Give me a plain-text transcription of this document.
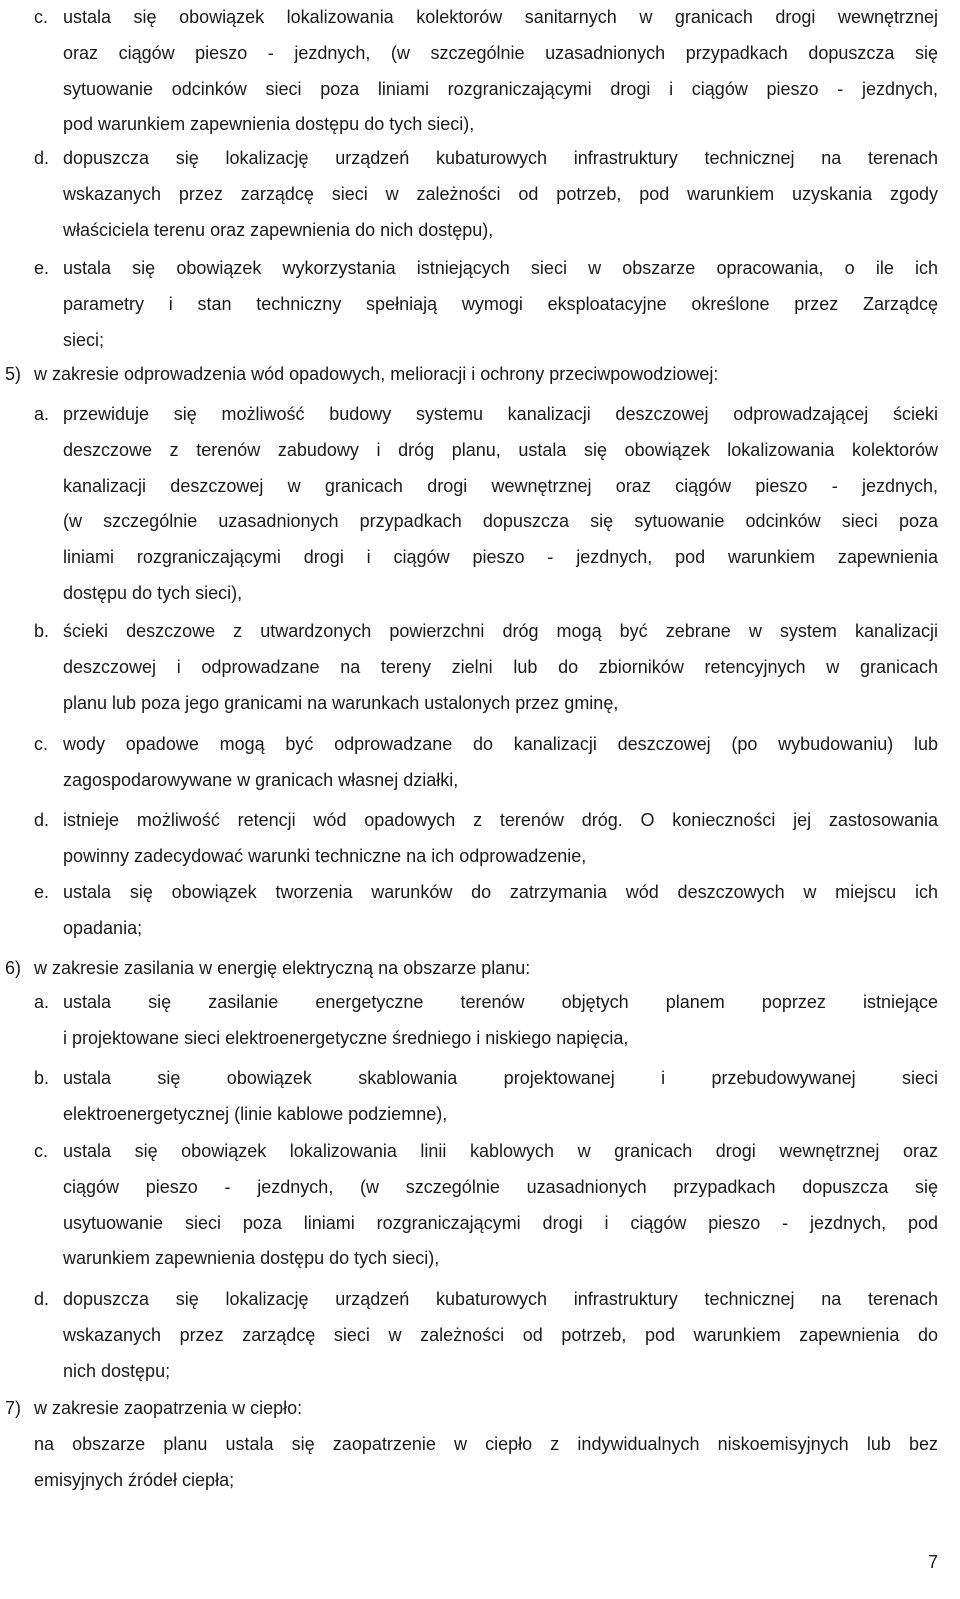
c. ustala się obowiązek lokalizowania kolektorów sanitarnych w granicach drogi wewnętrznej
oraz ciągów pieszo - jezdnych, (w szczególnie uzasadnionych przypadkach dopuszcza się
sytuowanie odcinków sieci poza liniami rozgraniczającymi drogi i ciągów pieszo - jezdnych,
pod warunkiem zapewnienia dostępu do tych sieci),
d. dopuszcza się lokalizację urządzeń kubaturowych infrastruktury technicznej na terenach
wskazanych przez zarządcę sieci w zależności od potrzeb, pod warunkiem uzyskania zgody
właściciela terenu oraz zapewnienia do nich dostępu),
e. ustala się obowiązek wykorzystania istniejących sieci w obszarze opracowania, o ile ich
parametry i stan techniczny spełniają wymogi eksploatacyjne określone przez Zarządcę
sieci;
5) w zakresie odprowadzenia wód opadowych, melioracji i ochrony przeciwpowodziowej:
a. przewiduje się możliwość budowy systemu kanalizacji deszczowej odprowadzającej ścieki
deszczowe z terenów zabudowy i dróg planu, ustala się obowiązek lokalizowania kolektorów
kanalizacji deszczowej w granicach drogi wewnętrznej oraz ciągów pieszo - jezdnych,
(w szczególnie uzasadnionych przypadkach dopuszcza się sytuowanie odcinków sieci poza
liniami rozgraniczającymi drogi i ciągów pieszo - jezdnych, pod warunkiem zapewnienia
dostępu do tych sieci),
b. ścieki deszczowe z utwardzonych powierzchni dróg mogą być zebrane w system kanalizacji
deszczowej i odprowadzane na tereny zielni lub do zbiorników retencyjnych w granicach
planu lub poza jego granicami na warunkach ustalonych przez gminę,
c. wody opadowe mogą być odprowadzane do kanalizacji deszczowej (po wybudowaniu) lub
zagospodarowywane w granicach własnej działki,
d. istnieje możliwość retencji wód opadowych z terenów dróg. O konieczności jej zastosowania
powinny zadecydować warunki techniczne na ich odprowadzenie,
e. ustala się obowiązek tworzenia warunków do zatrzymania wód deszczowych w miejscu ich
opadania;
6) w zakresie zasilania w energię elektryczną na obszarze planu:
a. ustala się zasilanie energetyczne terenów objętych planem poprzez istniejące
i projektowane sieci elektroenergetyczne średniego i niskiego napięcia,
b. ustala się obowiązek skablowania projektowanej i przebudowywanej sieci
elektroenergetycznej (linie kablowe podziemne),
c. ustala się obowiązek lokalizowania linii kablowych w granicach drogi wewnętrznej oraz
ciągów pieszo - jezdnych, (w szczególnie uzasadnionych przypadkach dopuszcza się
usytuowanie sieci poza liniami rozgraniczającymi drogi i ciągów pieszo - jezdnych, pod
warunkiem zapewnienia dostępu do tych sieci),
d. dopuszcza się lokalizację urządzeń kubaturowych infrastruktury technicznej na terenach
wskazanych przez zarządcę sieci w zależności od potrzeb, pod warunkiem zapewnienia do
nich dostępu;
7) w zakresie zaopatrzenia w ciepło:
na obszarze planu ustala się zaopatrzenie w ciepło z indywidualnych niskoemisyjnych lub bez
emisyjnych źródeł ciepła;
7
